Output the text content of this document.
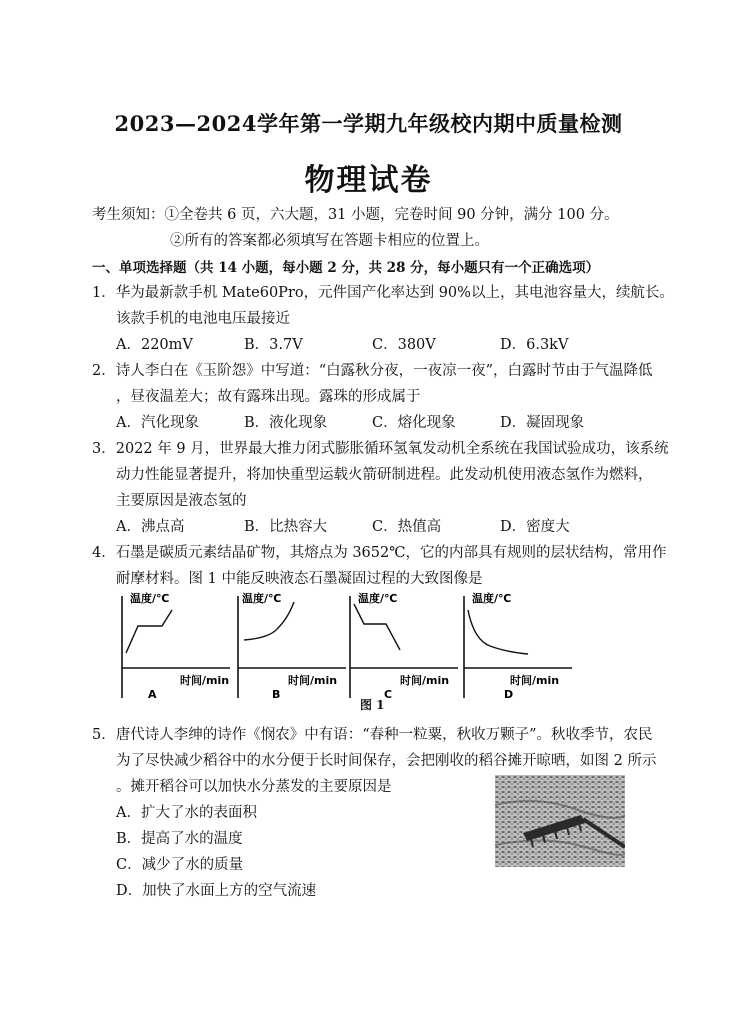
2023—2024学年第一学期九年级校内期中质量检测
物理试卷
考生须知：①全卷共 6 页，六大题，31 小题，完卷时间 90 分钟，满分 100 分。
②所有的答案都必须填写在答题卡相应的位置上。
一、单项选择题（共 14 小题，每小题 2 分，共 28 分，每小题只有一个正确选项）
1．华为最新款手机 Mate60Pro，元件国产化率达到 90%以上，其电池容量大，续航长。
该款手机的电池电压最接近
A．220mV	B．3.7V	C．380V	D．6.3kV
2．诗人李白在《玉阶怨》中写道：“白露秋分夜，一夜凉一夜”，白露时节由于气温降低
，昼夜温差大；故有露珠出现。露珠的形成属于
A．汽化现象	B．液化现象	C．熔化现象	D．凝固现象
3．2022 年 9 月，世界最大推力闭式膨胀循环氢氧发动机全系统在我国试验成功，该系统
动力性能显著提升，将加快重型运载火箭研制进程。此发动机使用液态氢作为燃料，
主要原因是液态氢的
A．沸点高	B．比热容大	C．热值高	D．密度大
4．石墨是碳质元素结晶矿物，其熔点为 3652℃，它的内部具有规则的层状结构，常用作
耐摩材料。图 1 中能反映液态石墨凝固过程的大致图像是
温度/℃
时间/min
A
温度/℃
时间/min
B
温度/℃
时间/min
C
温度/℃
时间/min
D
图 1
5．唐代诗人李绅的诗作《悯农》中有语：“春种一粒粟，秋收万颗子”。秋收季节，农民
为了尽快减少稻谷中的水分便于长时间保存，会把刚收的稻谷摊开晾晒，如图 2 所示
。摊开稻谷可以加快水分蒸发的主要原因是
A．扩大了水的表面积
B．提高了水的温度
C．减少了水的质量
D．加快了水面上方的空气流速
